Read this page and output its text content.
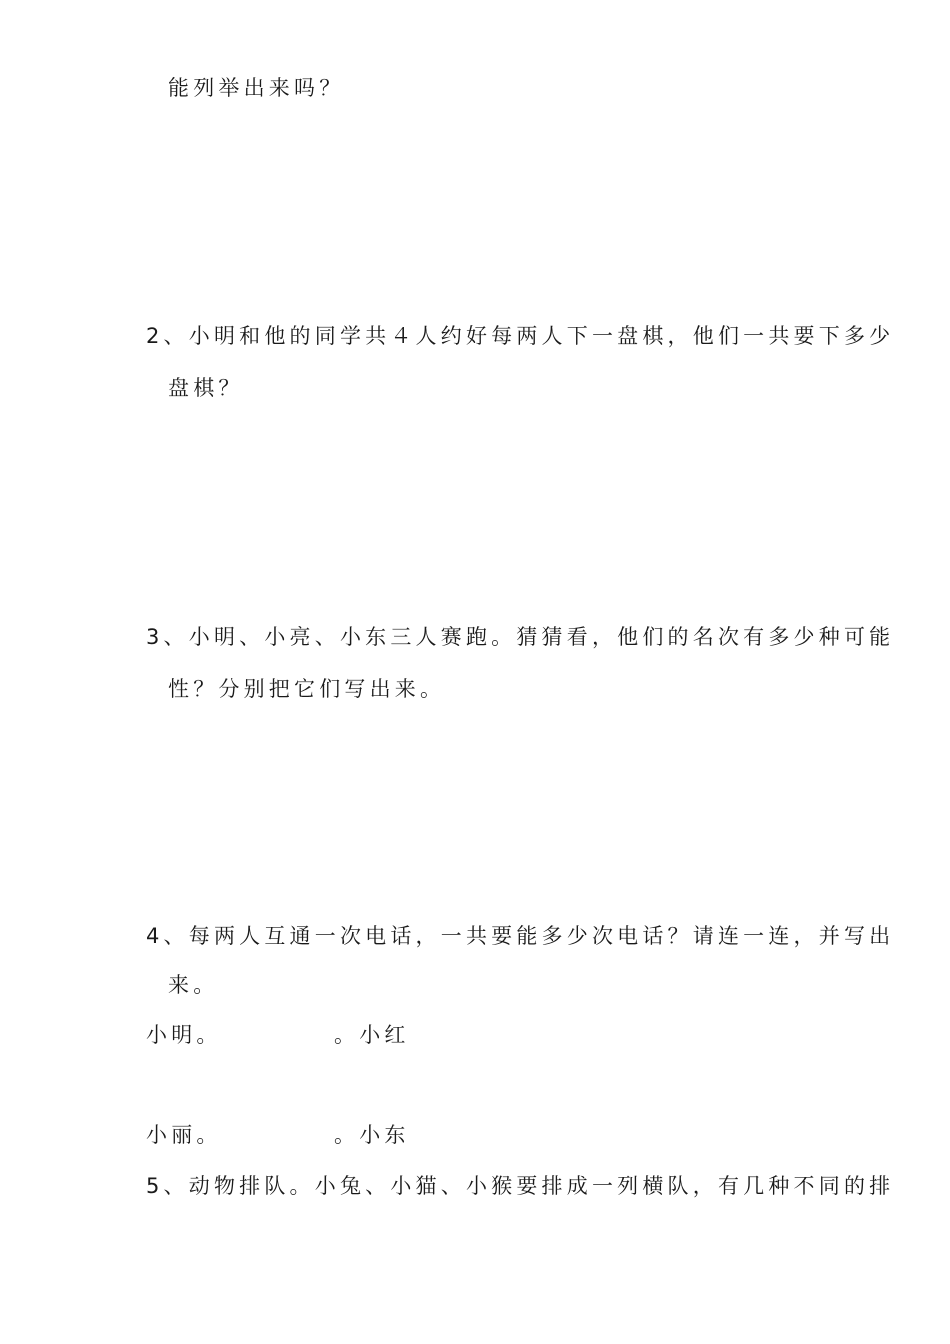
能列举出来吗？
2、小明和他的同学共４人约好每两人下一盘棋，他们一共要下多少
盘棋？
3、小明、小亮、小东三人赛跑。猜猜看，他们的名次有多少种可能
性？分别把它们写出来。
4、每两人互通一次电话，一共要能多少次电话？请连一连，并写出
来。
小明。	。小红
小丽。	。小东
5、动物排队。小兔、小猫、小猴要排成一列横队，有几种不同的排
